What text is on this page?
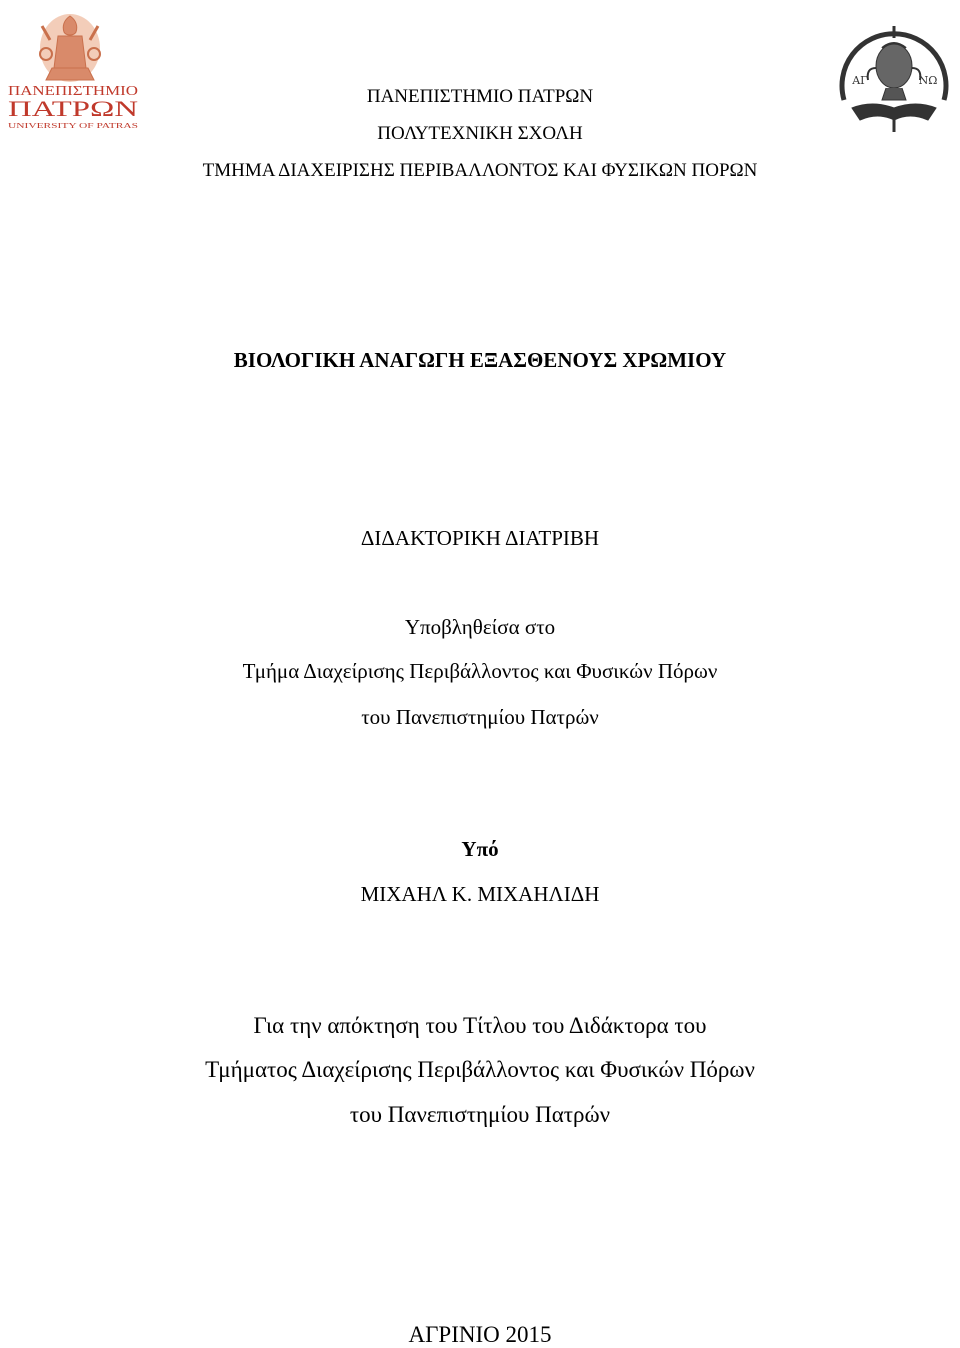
ΠΑΝΕΠΙΣΤΗΜΙΟ
ΠΑΤΡΩΝ
UNIVERSITY OF PATRAS
ΑΓ	ΝΩ
ΠΑΝΕΠΙΣΤΗΜΙΟ ΠΑΤΡΩΝ
ΠΟΛΥΤΕΧΝΙΚΗ ΣΧΟΛΗ
ΤΜΗΜΑ ΔΙΑΧΕΙΡΙΣΗΣ ΠΕΡΙΒΑΛΛΟΝΤΟΣ ΚΑΙ ΦΥΣΙΚΩΝ ΠΟΡΩΝ
ΒΙΟΛΟΓΙΚΗ ΑΝΑΓΩΓΗ ΕΞΑΣΘΕΝΟΥΣ ΧΡΩΜΙΟΥ
ΔΙΔΑΚΤΟΡΙΚΗ ΔΙΑΤΡΙΒΗ
Υποβληθείσα στο
Τμήμα Διαχείρισης Περιβάλλοντος και Φυσικών Πόρων
του Πανεπιστημίου Πατρών
Υπό
ΜΙΧΑΗΛ Κ. ΜΙΧΑΗΛΙΔΗ
Για την απόκτηση του Τίτλου του Διδάκτορα του
Τμήματος Διαχείρισης Περιβάλλοντος και Φυσικών Πόρων
του Πανεπιστημίου Πατρών
ΑΓΡΙΝΙΟ 2015
